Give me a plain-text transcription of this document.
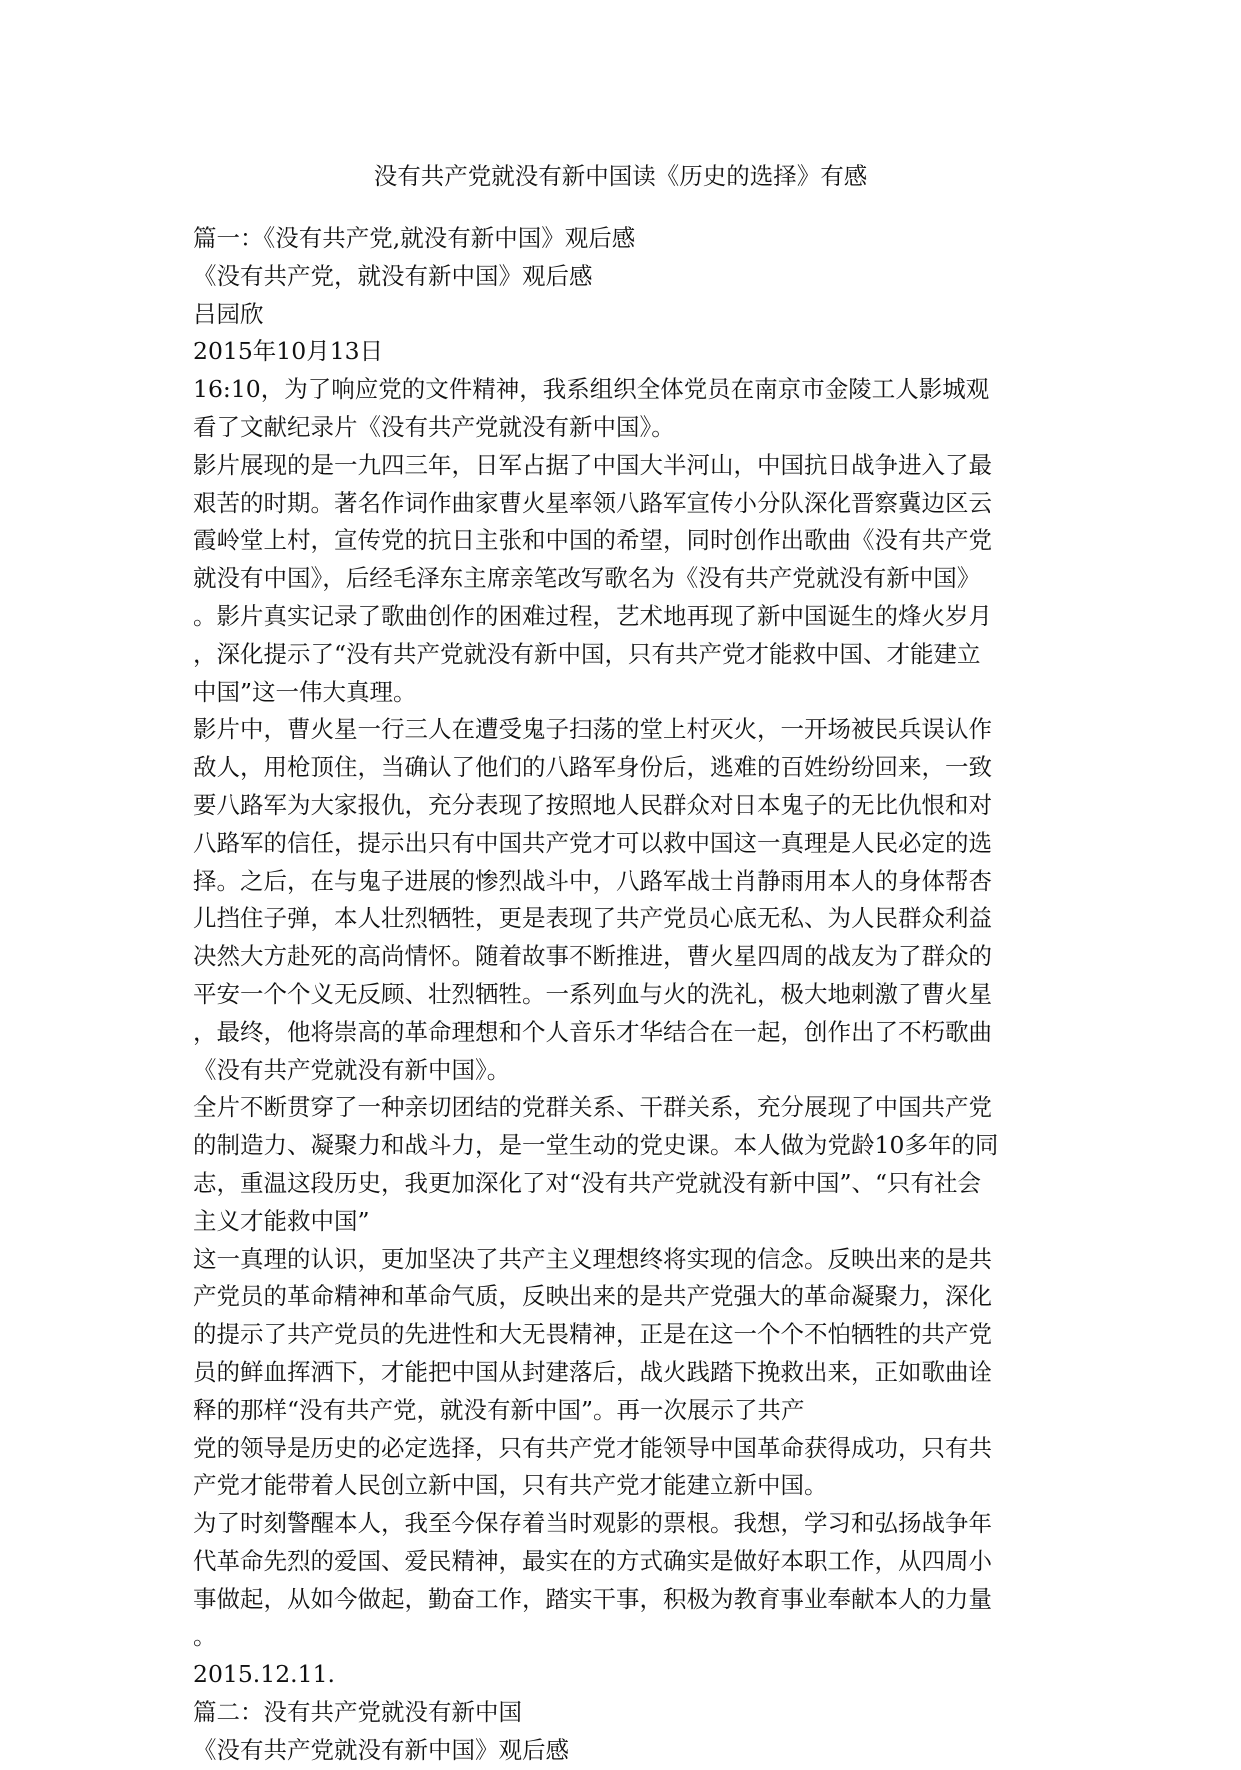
没有共产党就没有新中国读《历史的选择》有感
篇一：《没有共产党,就没有新中国》观后感
《没有共产党，就没有新中国》观后感
吕园欣
2015年10月13日
16:10，为了响应党的文件精神，我系组织全体党员在南京市金陵工人影城观
看了文献纪录片《没有共产党就没有新中国》。
影片展现的是一九四三年，日军占据了中国大半河山，中国抗日战争进入了最
艰苦的时期。著名作词作曲家曹火星率领八路军宣传小分队深化晋察冀边区云
霞岭堂上村，宣传党的抗日主张和中国的希望，同时创作出歌曲《没有共产党
就没有中国》，后经毛泽东主席亲笔改写歌名为《没有共产党就没有新中国》
。影片真实记录了歌曲创作的困难过程，艺术地再现了新中国诞生的烽火岁月
，深化提示了“没有共产党就没有新中国，只有共产党才能救中国、才能建立
中国”这一伟大真理。
影片中，曹火星一行三人在遭受鬼子扫荡的堂上村灭火，一开场被民兵误认作
敌人，用枪顶住，当确认了他们的八路军身份后，逃难的百姓纷纷回来，一致
要八路军为大家报仇，充分表现了按照地人民群众对日本鬼子的无比仇恨和对
八路军的信任，提示出只有中国共产党才可以救中国这一真理是人民必定的选
择。之后，在与鬼子进展的惨烈战斗中，八路军战士肖静雨用本人的身体帮杏
儿挡住子弹，本人壮烈牺牲，更是表现了共产党员心底无私、为人民群众利益
决然大方赴死的高尚情怀。随着故事不断推进，曹火星四周的战友为了群众的
平安一个个义无反顾、壮烈牺牲。一系列血与火的洗礼，极大地刺激了曹火星
，最终，他将崇高的革命理想和个人音乐才华结合在一起，创作出了不朽歌曲
《没有共产党就没有新中国》。
全片不断贯穿了一种亲切团结的党群关系、干群关系，充分展现了中国共产党
的制造力、凝聚力和战斗力，是一堂生动的党史课。本人做为党龄10多年的同
志，重温这段历史，我更加深化了对“没有共产党就没有新中国”、“只有社会
主义才能救中国”
这一真理的认识，更加坚决了共产主义理想终将实现的信念。反映出来的是共
产党员的革命精神和革命气质，反映出来的是共产党强大的革命凝聚力，深化
的提示了共产党员的先进性和大无畏精神，正是在这一个个不怕牺牲的共产党
员的鲜血挥洒下，才能把中国从封建落后，战火践踏下挽救出来，正如歌曲诠
释的那样“没有共产党，就没有新中国”。再一次展示了共产
党的领导是历史的必定选择，只有共产党才能领导中国革命获得成功，只有共
产党才能带着人民创立新中国，只有共产党才能建立新中国。
为了时刻警醒本人，我至今保存着当时观影的票根。我想，学习和弘扬战争年
代革命先烈的爱国、爱民精神，最实在的方式确实是做好本职工作，从四周小
事做起，从如今做起，勤奋工作，踏实干事，积极为教育事业奉献本人的力量
。
2015.12.11.
篇二：没有共产党就没有新中国
《没有共产党就没有新中国》观后感
